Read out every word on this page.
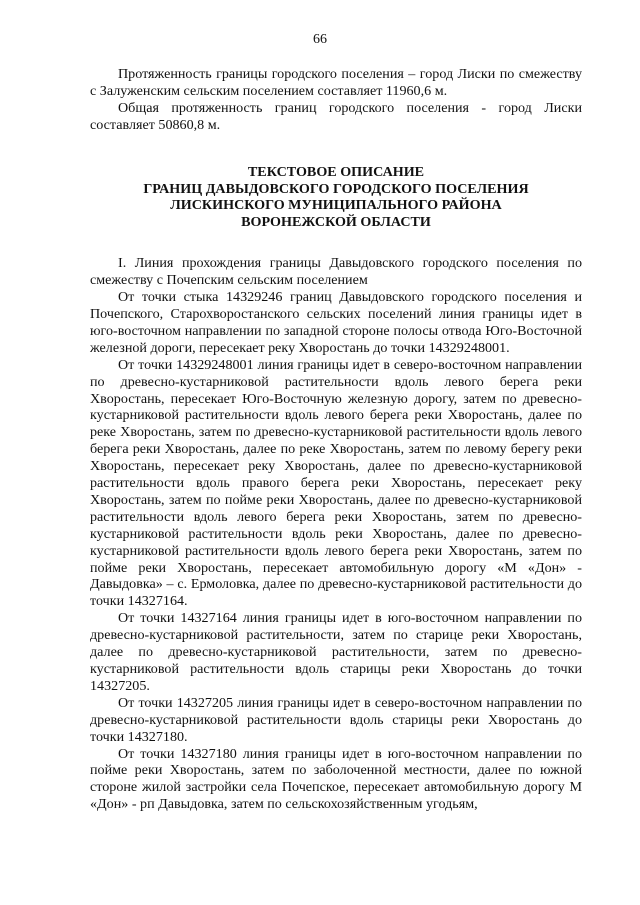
66

Протяженность границы городского поселения – город Лиски по смежеству с Залуженским сельским поселением составляет 11960,6 м.

Общая протяженность границ городского поселения - город Лиски составляет 50860,8 м.

ТЕКСТОВОЕ ОПИСАНИЕ
ГРАНИЦ ДАВЫДОВСКОГО ГОРОДСКОГО ПОСЕЛЕНИЯ
ЛИСКИНСКОГО МУНИЦИПАЛЬНОГО РАЙОНА
ВОРОНЕЖСКОЙ ОБЛАСТИ

I. Линия прохождения границы Давыдовского городского поселения по смежеству с Почепским сельским поселением

От точки стыка 14329246 границ Давыдовского городского поселения и Почепского, Старохворостанского сельских поселений линия границы идет в юго-восточном направлении по западной стороне полосы отвода Юго-Восточной железной дороги, пересекает реку Хворостань до точки 14329248001.

От точки 14329248001 линия границы идет в северо-восточном направлении по древесно-кустарниковой растительности вдоль левого берега реки Хворостань, пересекает Юго-Восточную железную дорогу, затем по древесно-кустарниковой растительности вдоль левого берега реки Хворостань, далее по реке Хворостань, затем по древесно-кустарниковой растительности вдоль левого берега реки Хворостань, далее по реке Хворостань, затем по левому берегу реки Хворостань, пересекает реку Хворостань, далее по древесно-кустарниковой растительности вдоль правого берега реки Хворостань, пересекает реку Хворостань, затем по пойме реки Хворостань, далее по древесно-кустарниковой растительности вдоль левого берега реки Хворостань, затем по древесно-кустарниковой растительности вдоль реки Хворостань, далее по древесно-кустарниковой растительности вдоль левого берега реки Хворостань, затем по пойме реки Хворостань, пересекает автомобильную дорогу «М «Дон» - Давыдовка» – с. Ермоловка, далее по древесно-кустарниковой растительности до точки 14327164.

От точки 14327164 линия границы идет в юго-восточном направлении по древесно-кустарниковой растительности, затем по старице реки Хворостань, далее по древесно-кустарниковой растительности, затем по древесно-кустарниковой растительности вдоль старицы реки Хворостань до точки 14327205.

От точки 14327205 линия границы идет в северо-восточном направлении по древесно-кустарниковой растительности вдоль старицы реки Хворостань до точки 14327180.

От точки 14327180 линия границы идет в юго-восточном направлении по пойме реки Хворостань, затем по заболоченной местности, далее по южной стороне жилой застройки села Почепское, пересекает автомобильную дорогу М «Дон» - рп Давыдовка, затем по сельскохозяйственным угодьям,
